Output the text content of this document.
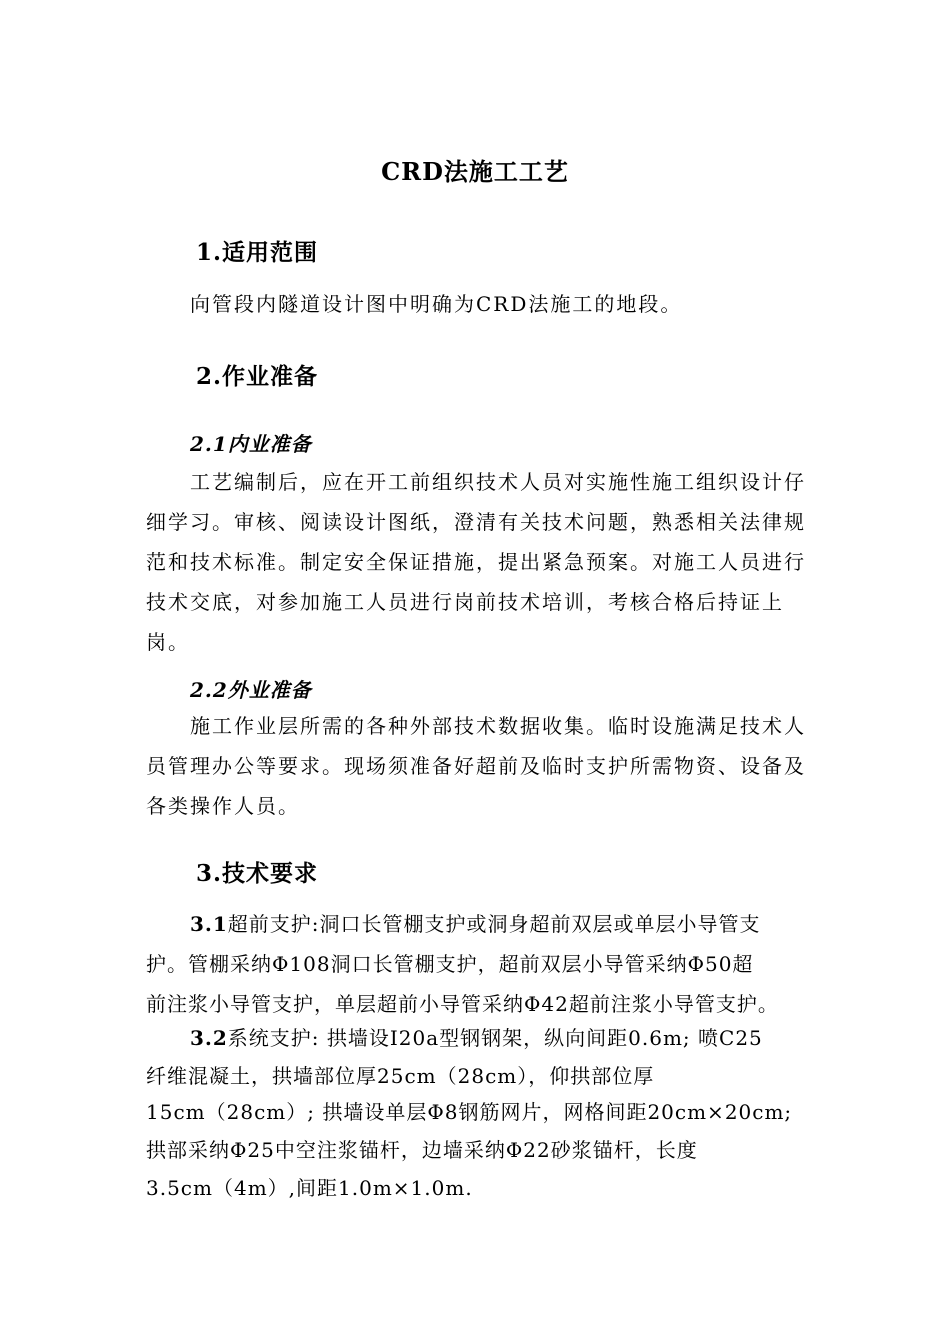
CRD法施工工艺
1.适用范围
向管段内隧道设计图中明确为CRD法施工的地段。
2.作业准备
2.1内业准备
工艺编制后，应在开工前组织技术人员对实施性施工组织设计仔细学习。审核、阅读设计图纸，澄清有关技术问题，熟悉相关法律规范和技术标准。制定安全保证措施，提出紧急预案。对施工人员进行技术交底，对参加施工人员进行岗前技术培训，考核合格后持证上岗。
2.2外业准备
施工作业层所需的各种外部技术数据收集。临时设施满足技术人员管理办公等要求。现场须准备好超前及临时支护所需物资、设备及各类操作人员。
3.技术要求
3.1超前支护:洞口长管棚支护或洞身超前双层或单层小导管支
护。管棚采纳Φ108洞口长管棚支护，超前双层小导管采纳Φ50超
前注浆小导管支护，单层超前小导管采纳Φ42超前注浆小导管支护。
3.2系统支护: 拱墙设I20a型钢钢架，纵向间距0.6m; 喷C25
纤维混凝土，拱墙部位厚25cm（28cm），仰拱部位厚
15cm（28cm）; 拱墙设单层Φ8钢筋网片，网格间距20cm×20cm;
拱部采纳Φ25中空注浆锚杆，边墙采纳Φ22砂浆锚杆，长度
3.5cm（4m）,间距1.0m×1.0m.
